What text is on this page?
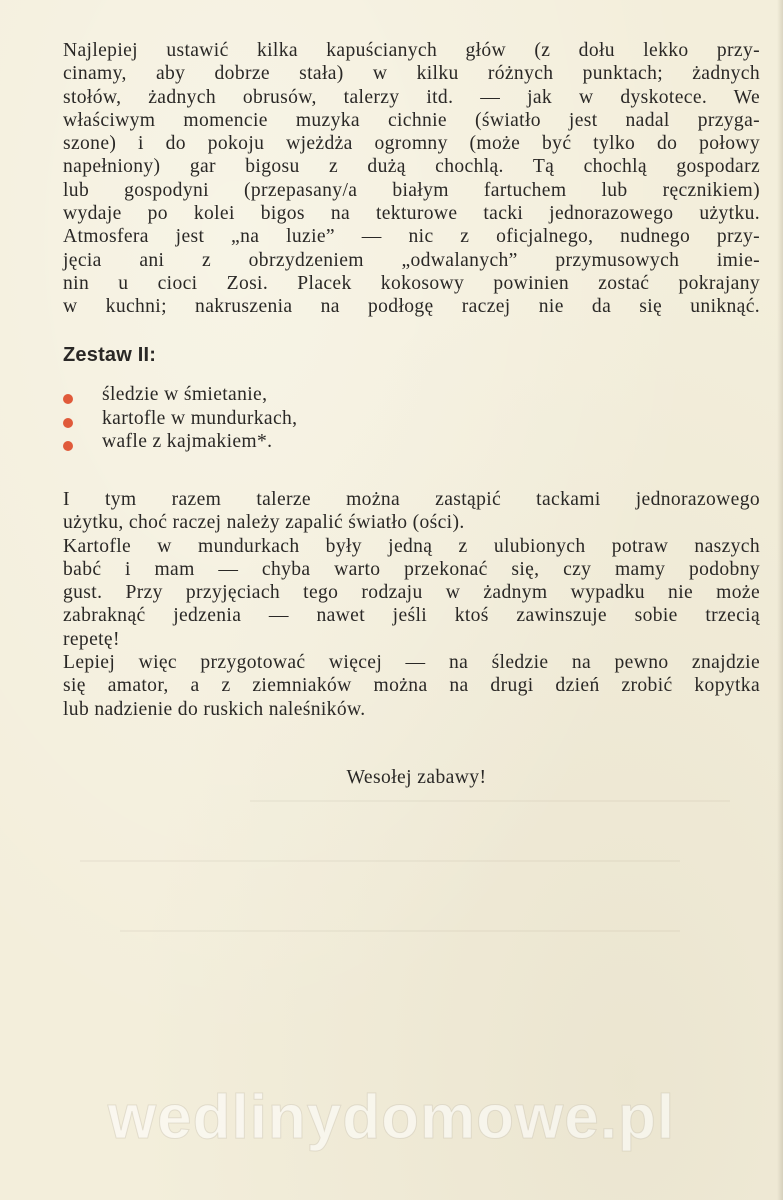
Najlepiej ustawić kilka kapuścianych głów (z dołu lekko przy-
cinamy, aby dobrze stała) w kilku różnych punktach; żadnych
stołów, żadnych obrusów, talerzy itd. — jak w dyskotece. We
właściwym momencie muzyka cichnie (światło jest nadal przyga-
szone) i do pokoju wjeżdża ogromny (może być tylko do połowy
napełniony) gar bigosu z dużą chochlą. Tą chochlą gospodarz
lub gospodyni (przepasany/a białym fartuchem lub ręcznikiem)
wydaje po kolei bigos na tekturowe tacki jednorazowego użytku.
Atmosfera jest „na luzie” — nic z oficjalnego, nudnego przy-
jęcia ani z obrzydzeniem „odwalanych” przymusowych imie-
nin u cioci Zosi. Placek kokosowy powinien zostać pokrajany
w kuchni; nakruszenia na podłogę raczej nie da się uniknąć.
Zestaw II:
śledzie w śmietanie,
kartofle w mundurkach,
wafle z kajmakiem*.
I tym razem talerze można zastąpić tackami jednorazowego
użytku, choć raczej należy zapalić światło (ości).
Kartofle w mundurkach były jedną z ulubionych potraw naszych
babć i mam — chyba warto przekonać się, czy mamy podobny
gust. Przy przyjęciach tego rodzaju w żadnym wypadku nie może
zabraknąć jedzenia — nawet jeśli ktoś zawinszuje sobie trzecią
repetę!
Lepiej więc przygotować więcej — na śledzie na pewno znajdzie
się amator, a z ziemniaków można na drugi dzień zrobić kopytka
lub nadzienie do ruskich naleśników.
Wesołej zabawy!
wedlinydomowe.pl
